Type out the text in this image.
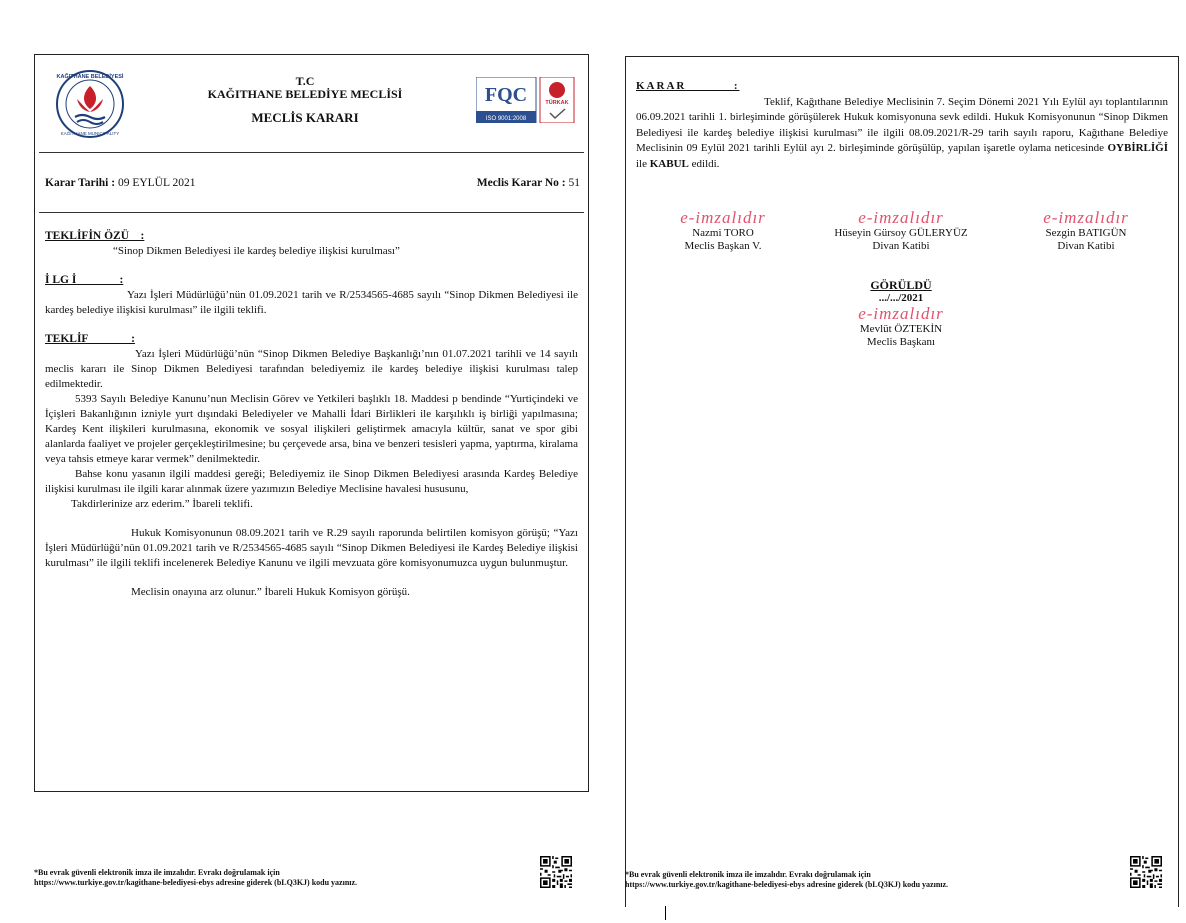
KAĞITHANE BELEDİYESİ
KAĞITHANE MUNICIPALITY
T.C
KAĞITHANE BELEDİYE MECLİSİ
MECLİS KARARI
FQC
ISO 9001:2008
TÜRKAK
Karar Tarihi : 09 EYLÜL 2021	Meclis Karar No : 51
TEKLİFİN ÖZÜ    :

“Sinop Dikmen Belediyesi ile kardeş belediye ilişkisi kurulması”

İ LG İ               :

Yazı İşleri Müdürlüğü’nün 01.09.2021 tarih ve R/2534565-4685 sayılı “Sinop Dikmen Belediyesi ile kardeş belediye ilişkisi kurulması” ile ilgili teklifi.

TEKLİF               :

Yazı İşleri Müdürlüğü’nün “Sinop Dikmen Belediye Başkanlığı’nın 01.07.2021 tarihli ve 14 sayılı meclis kararı ile Sinop Dikmen Belediyesi tarafından belediyemiz ile kardeş belediye ilişkisi kurulması talep edilmektedir.

5393 Sayılı Belediye Kanunu’nun Meclisin Görev ve Yetkileri başlıklı 18. Maddesi p bendinde “Yurtiçindeki ve İçişleri Bakanlığının izniyle yurt dışındaki Belediyeler ve Mahalli İdari Birlikleri ile karşılıklı iş birliği yapılmasına; Kardeş Kent ilişkileri kurulmasına, ekonomik ve sosyal ilişkileri geliştirmek amacıyla kültür, sanat ve spor gibi alanlarda faaliyet ve projeler gerçekleştirilmesine; bu çerçevede arsa, bina ve benzeri tesisleri yapma, yaptırma, kiralama veya tahsis etmeye karar vermek” denilmektedir.

Bahse konu yasanın ilgili maddesi gereği; Belediyemiz ile Sinop Dikmen Belediyesi arasında Kardeş Belediye ilişkisi kurulması ile ilgili karar alınmak üzere yazımızın Belediye Meclisine havalesi hususunu,

Takdirlerinize arz ederim.” İbareli teklifi.

Hukuk Komisyonunun 08.09.2021 tarih ve R.29 sayılı raporunda belirtilen komisyon görüşü; “Yazı İşleri Müdürlüğü’nün 01.09.2021 tarih ve R/2534565-4685 sayılı “Sinop Dikmen Belediyesi ile Kardeş Belediye ilişkisi kurulması” ile ilgili teklifi incelenerek Belediye Kanunu ve ilgili mevzuata göre komisyonumuzca uygun bulunmuştur.

Meclisin onayına arz olunur.” İbareli Hukuk Komisyon görüşü.

*Bu evrak güvenli elektronik imza ile imzalıdır. Evrakı doğrulamak için
https://www.turkiye.gov.tr/kagithane-belediyesi-ebys adresine giderek (bLQ3KJ) kodu yazınız.
KARAR          :

Teklif, Kağıthane Belediye Meclisinin 7. Seçim Dönemi 2021 Yılı Eylül ayı toplantılarının 06.09.2021 tarihli 1. birleşiminde görüşülerek Hukuk komisyonuna sevk edildi. Hukuk Komisyonunun “Sinop Dikmen Belediyesi ile kardeş belediye ilişkisi kurulması” ile ilgili 08.09.2021/R-29 tarih sayılı raporu, Kağıthane Belediye Meclisinin 09 Eylül 2021 tarihli Eylül ayı 2. birleşiminde görüşülüp, yapılan işaretle oylama neticesinde OYBİRLİĞİ ile KABUL edildi.

e-imzalıdır
Nazmi TORO
Meclis Başkan V.
e-imzalıdır
Hüseyin Gürsoy GÜLERYÜZ
Divan Katibi
e-imzalıdır
Sezgin BATIGÜN
Divan Katibi
GÖRÜLDÜ
.../.../2021
e-imzalıdır
Mevlüt ÖZTEKİN
Meclis Başkanı
*Bu evrak güvenli elektronik imza ile imzalıdır. Evrakı doğrulamak için
https://www.turkiye.gov.tr/kagithane-belediyesi-ebys adresine giderek (bLQ3KJ) kodu yazınız.
